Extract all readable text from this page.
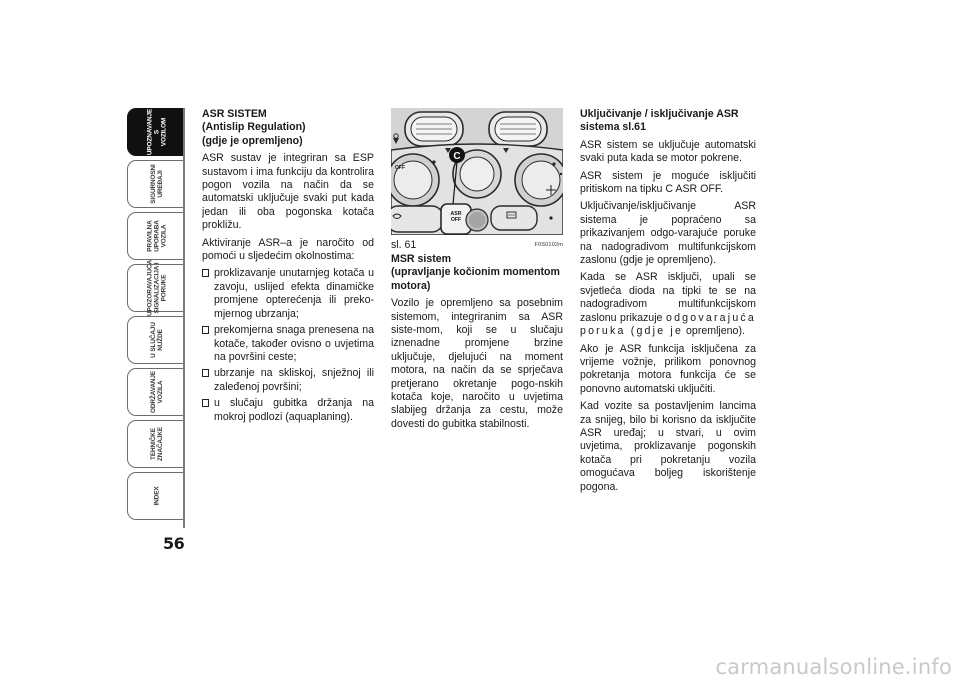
UPOZNAVANJE
S
VOZILOM
SIGURNOSNI
UREĐAJI
PRAVILNA
UPORABA
VOZILA
UPOZORAVAJUĆA
SIGNALIZACIJA I
PORUKE
U SLUČAJU
NUŽDE
ODRŽAVANJE
VOZILA
TEHNIČKE
ZNAČAJKE
INDEX
56
ASR SISTEM
(Antislip Regulation)
(gdje je opremljeno)

ASR sustav je integriran sa ESP sustavom i ima funkciju da kontrolira pogon vozila na način da se automatski uključuje svaki put kada jedan ili oba pogonska kotača prokližu.

Aktiviranje ASR–a je naročito od pomoći u sljedećim okolnostima:

proklizavanje unutarnjeg kotača u zavoju, uslijed efekta dinamičke promjene opterećenja ili preko-mjernog ubrzanja;
prekomjerna snaga prenesena na kotače, također ovisno o uvjetima na površini ceste;
ubrzanje na skliskoj, snježnoj ili zaleđenoj površini;
u slučaju gubitka držanja na mokroj podlozi (aquaplaning).
OFF
ASR
OFF
C
sl. 61	F0S0102m
MSR sistem
(upravljanje kočionim momentom motora)

Vozilo je opremljeno sa posebnim sistemom, integriranim sa ASR siste-mom, koji se u slučaju iznenadne promjene brzine uključuje, djelujući na moment motora, na način da se sprječava pretjerano okretanje pogo-nskih kotača koje, naročito u uvjetima slabijeg držanja za cestu, može dovesti do gubitka stabilnosti.

Uključivanje / isključivanje ASR
sistema sl.61

ASR sistem se uključuje automatski svaki puta kada se motor pokrene.

ASR sistem je moguće isključiti pritiskom na tipku C ASR OFF.

Uključivanje/isključivanje ASR sistema je popraćeno sa prikazivanjem odgo-varajuće poruke na nadogradivom multifunkcijskom zaslonu (gdje je opremljeno).

Kada se ASR isključi, upali se svjetleća dioda na tipki te se na nadogradivom multifunkcijskom zaslonu prikazuje odgovarajuća poruka (gdje je opremljeno).

Ako je ASR funkcija isključena za vrijeme vožnje, prilikom ponovnog pokretanja motora funkcija će se ponovno automatski uključiti.

Kad vozite sa postavljenim lancima za snijeg, bilo bi korisno da isključite ASR uređaj; u stvari, u ovim uvjetima, proklizavanje pogonskih kotača pri pokretanju vozila omogućava boljeg iskorištenje pogona.

carmanualsonline.info
